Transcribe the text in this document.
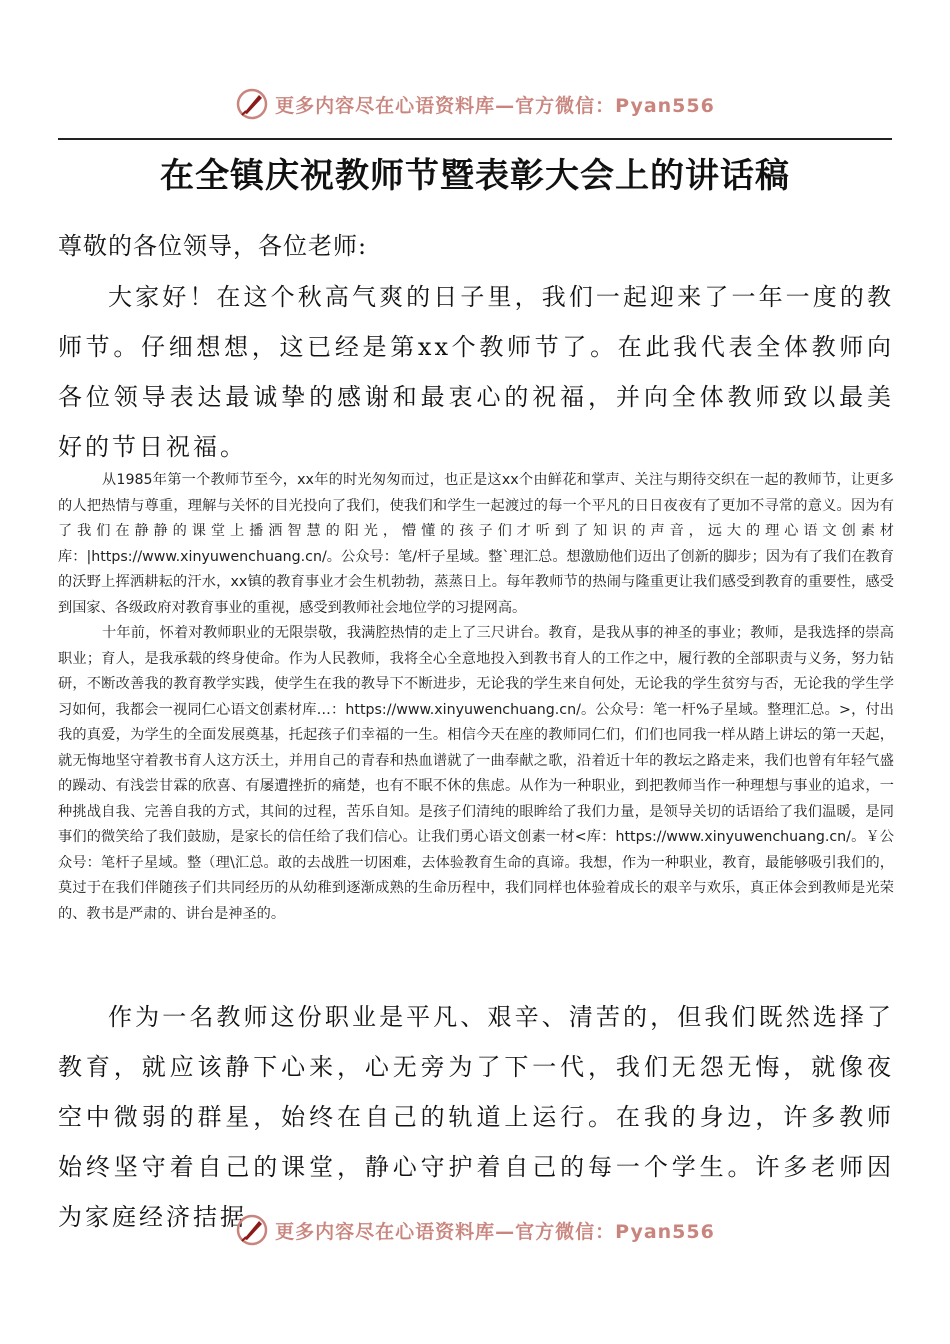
更多内容尽在心语资料库—官方微信：Pyan556
在全镇庆祝教师节暨表彰大会上的讲话稿
尊敬的各位领导，各位老师:

大家好！在这个秋高气爽的日子里，我们一起迎来了一年一度的教师节。仔细想想，这已经是第xx个教师节了。在此我代表全体教师向各位领导表达最诚挚的感谢和最衷心的祝福，并向全体教师致以最美好的节日祝福。

从1985年第一个教师节至今，xx年的时光匆匆而过，也正是这xx个由鲜花和掌声、关注与期待交织在一起的教师节，让更多的人把热情与尊重，理解与关怀的目光投向了我们，使我们和学生一起渡过的每一个平凡的日日夜夜有了更加不寻常的意义。因为有了我们在静静的课堂上播洒智慧的阳光，懵懂的孩子们才听到了知识的声音，远大的理心语文创素材库：|https://www.xinyuwenchuang.cn/。公众号：笔/杆子星域。整`理汇总。想激励他们迈出了创新的脚步；因为有了我们在教育的沃野上挥洒耕耘的汗水，xx镇的教育事业才会生机勃勃，蒸蒸日上。每年教师节的热闹与隆重更让我们感受到教育的重要性，感受到国家、各级政府对教育事业的重视，感受到教师社会地位学的习提网高。

十年前，怀着对教师职业的无限崇敬，我满腔热情的走上了三尺讲台。教育，是我从事的神圣的事业；教师，是我选择的崇高职业；育人，是我承载的终身使命。作为人民教师，我将全心全意地投入到教书育人的工作之中，履行教的全部职责与义务，努力钻研，不断改善我的教育教学实践，使学生在我的教导下不断进步，无论我的学生来自何处，无论我的学生贫穷与否，无论我的学生学习如何，我都会一视同仁心语文创素材库…：https://www.xinyuwenchuang.cn/。公众号：笔一杆%子星域。整理汇总。>，付出我的真爱，为学生的全面发展奠基，托起孩子们幸福的一生。相信今天在座的教师同仁们，们们也同我一样从踏上讲坛的第一天起，就无悔地坚守着教书育人这方沃土，并用自己的青春和热血谱就了一曲奉献之歌，沿着近十年的教坛之路走来，我们也曾有年轻气盛的躁动、有浅尝甘霖的欣喜、有屡遭挫折的痛楚，也有不眠不休的焦虑。从作为一种职业，到把教师当作一种理想与事业的追求，一种挑战自我、完善自我的方式，其间的过程，苦乐自知。是孩子们清纯的眼眸给了我们力量，是领导关切的话语给了我们温暖，是同事们的微笑给了我们鼓励，是家长的信任给了我们信心。让我们勇心语文创素一材<库：https://www.xinyuwenchuang.cn/。￥公众号：笔杆子星域。整（理\汇总。敢的去战胜一切困难，去体验教育生命的真谛。我想，作为一种职业，教育，最能够吸引我们的，莫过于在我们伴随孩子们共同经历的从幼稚到逐渐成熟的生命历程中，我们同样也体验着成长的艰辛与欢乐，真正体会到教师是光荣的、教书是严肃的、讲台是神圣的。

作为一名教师这份职业是平凡、艰辛、清苦的，但我们既然选择了教育，就应该静下心来，心无旁为了下一代，我们无怨无悔，就像夜空中微弱的群星，始终在自己的轨道上运行。在我的身边，许多教师始终坚守着自己的课堂，静心守护着自己的每一个学生。许多老师因为家庭经济拮据

更多内容尽在心语资料库—官方微信：Pyan556
